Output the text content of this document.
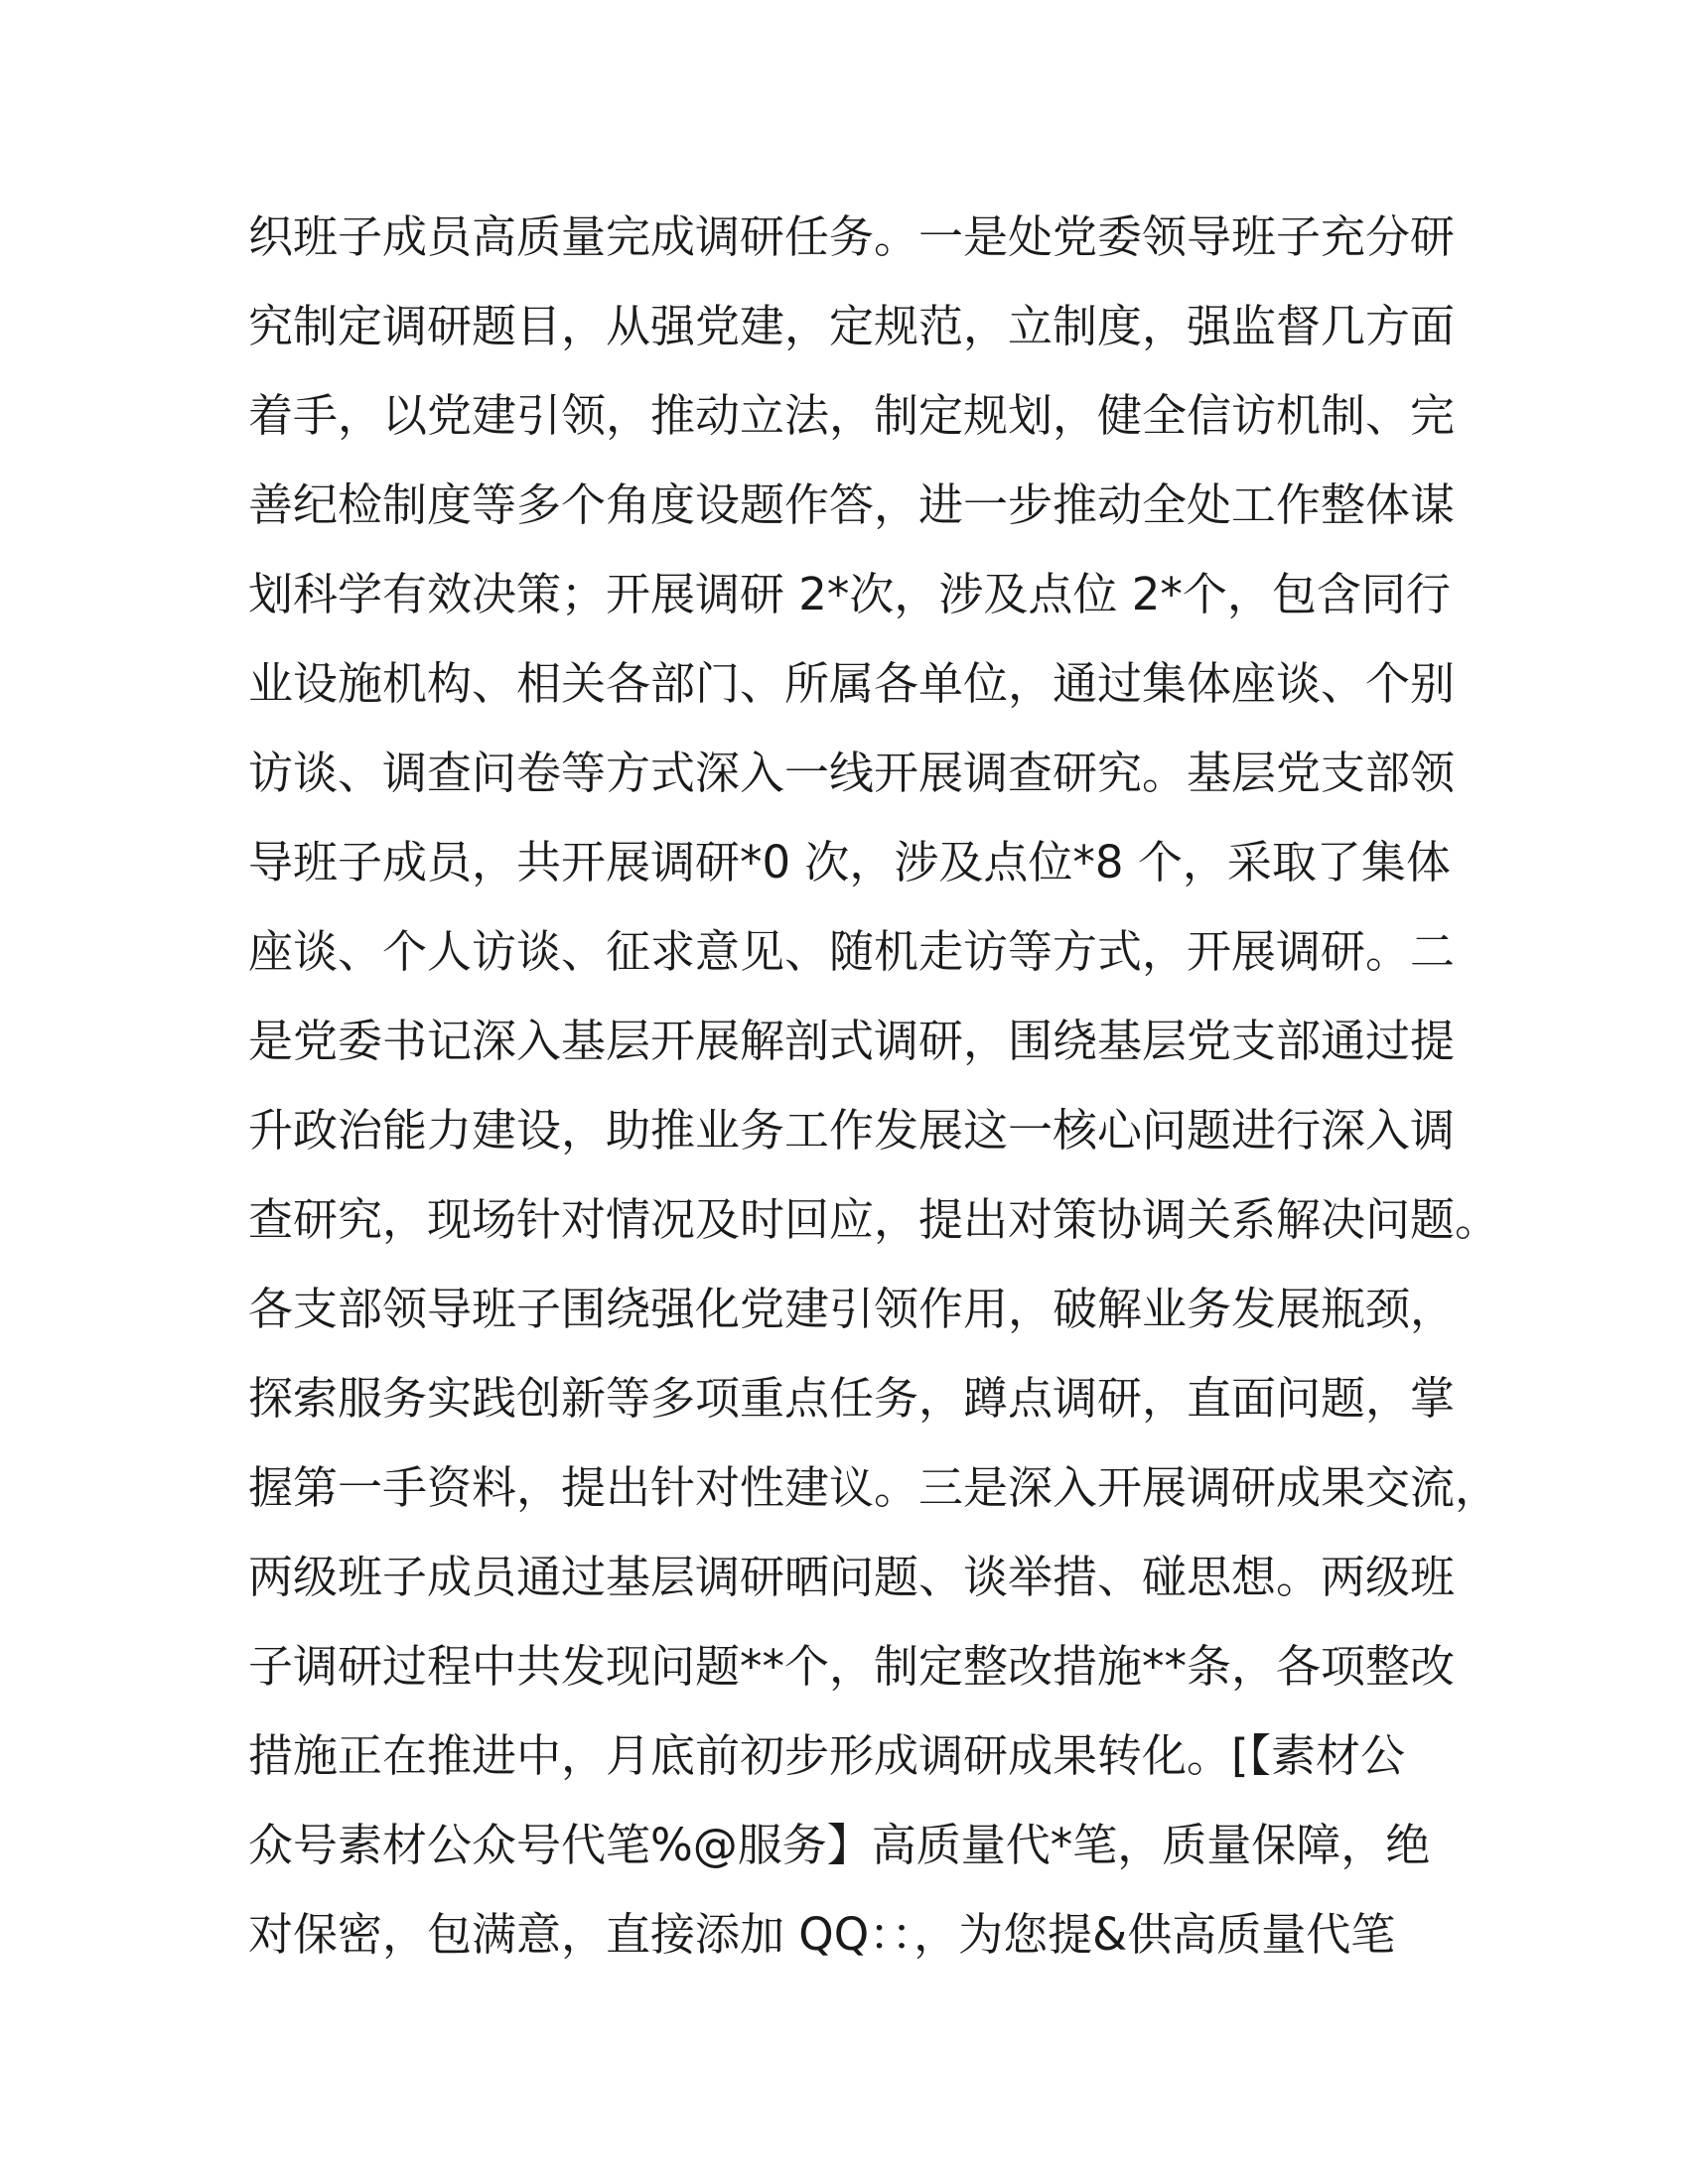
织班子成员高质量完成调研任务。一是处党委领导班子充分研
究制定调研题目，从强党建，定规范，立制度，强监督几方面
着手，以党建引领，推动立法，制定规划，健全信访机制、完
善纪检制度等多个角度设题作答，进一步推动全处工作整体谋
划科学有效决策；开展调研 2*次，涉及点位 2*个，包含同行
业设施机构、相关各部门、所属各单位，通过集体座谈、个别
访谈、调查问卷等方式深入一线开展调查研究。基层党支部领
导班子成员，共开展调研*0 次，涉及点位*8 个，采取了集体
座谈、个人访谈、征求意见、随机走访等方式，开展调研。二
是党委书记深入基层开展解剖式调研，围绕基层党支部通过提
升政治能力建设，助推业务工作发展这一核心问题进行深入调
查研究，现场针对情况及时回应，提出对策协调关系解决问题。
各支部领导班子围绕强化党建引领作用，破解业务发展瓶颈，
探索服务实践创新等多项重点任务，蹲点调研，直面问题，掌
握第一手资料，提出针对性建议。三是深入开展调研成果交流，
两级班子成员通过基层调研晒问题、谈举措、碰思想。两级班
子调研过程中共发现问题**个，制定整改措施**条，各项整改
措施正在推进中，月底前初步形成调研成果转化。[【素材公
众号素材公众号代笔%@服务】高质量代*笔，质量保障，绝
对保密，包满意，直接添加 QQ：：，为您提&供高质量代笔
